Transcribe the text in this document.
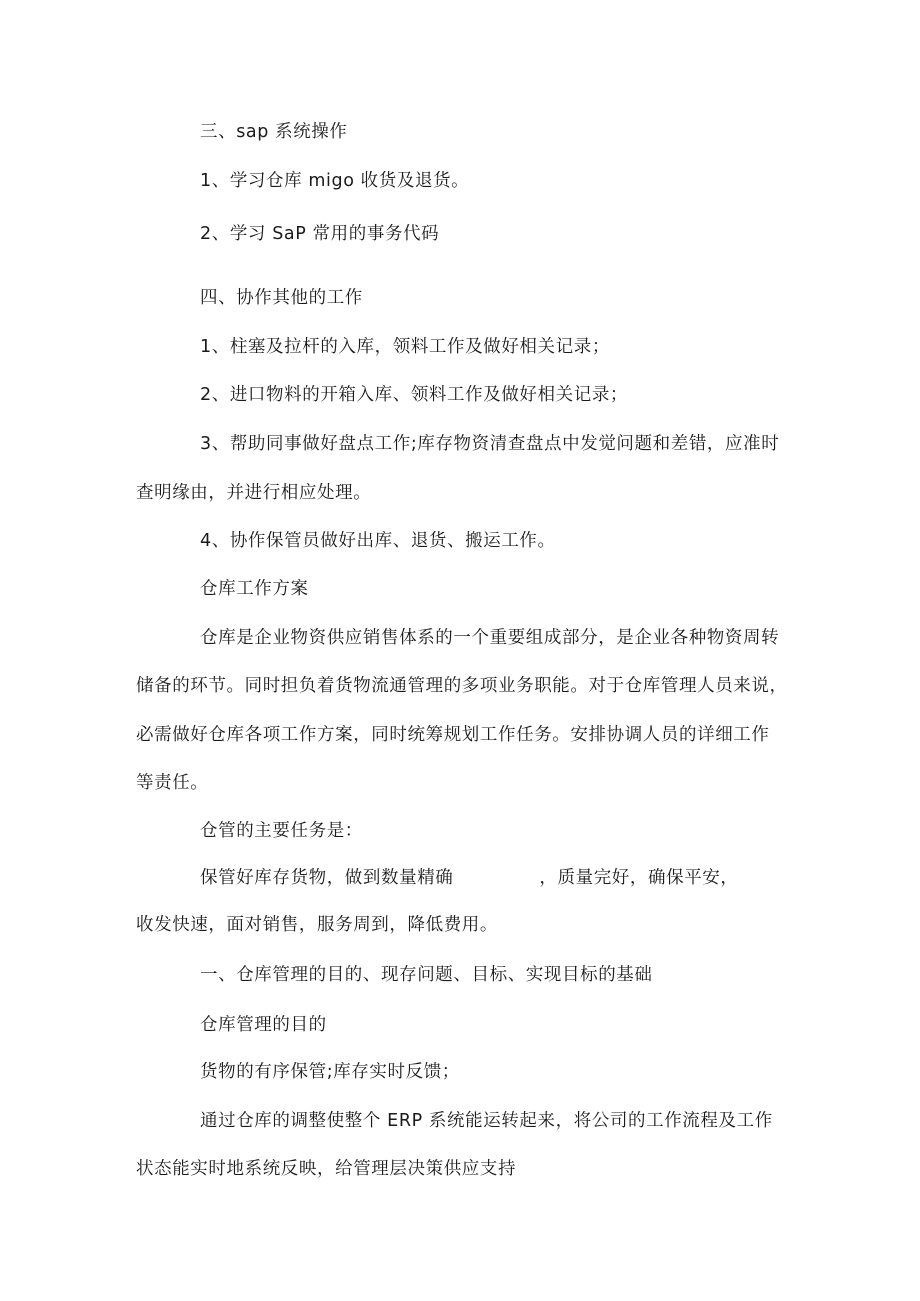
三、sap 系统操作
1、学习仓库 migo 收货及退货。
2、学习 SaP 常用的事务代码
四、协作其他的工作
1、柱塞及拉杆的入库，领料工作及做好相关记录；
2、进口物料的开箱入库、领料工作及做好相关记录；
3、帮助同事做好盘点工作;库存物资清查盘点中发觉问题和差错，应准时
查明缘由，并进行相应处理。
4、协作保管员做好出库、退货、搬运工作。
仓库工作方案
仓库是企业物资供应销售体系的一个重要组成部分，是企业各种物资周转
储备的环节。同时担负着货物流通管理的多项业务职能。对于仓库管理人员来说，
必需做好仓库各项工作方案，同时统筹规划工作任务。安排协调人员的详细工作
等责任。
仓管的主要任务是：
保管好库存货物，做到数量精确	，质量完好，确保平安，
收发快速，面对销售，服务周到，降低费用。
一、仓库管理的目的、现存问题、目标、实现目标的基础
仓库管理的目的
货物的有序保管;库存实时反馈；
通过仓库的调整使整个 ERP 系统能运转起来，将公司的工作流程及工作
状态能实时地系统反映，给管理层决策供应支持
